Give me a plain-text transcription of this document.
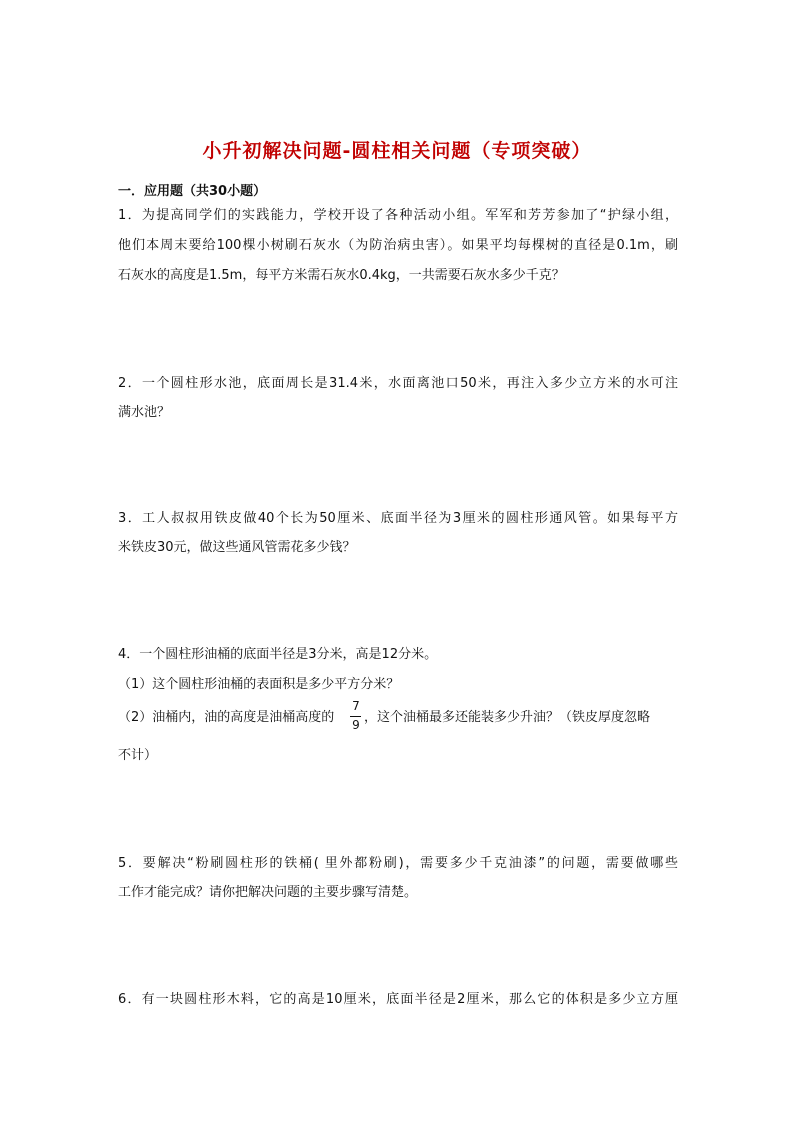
小升初解决问题-圆柱相关问题（专项突破）
一．应用题（共30小题）
1．为提高同学们的实践能力，学校开设了各种活动小组。军军和芳芳参加了“护绿小组，
他们本周末要给100棵小树刷石灰水（为防治病虫害）。如果平均每棵树的直径是0.1m，刷
石灰水的高度是1.5m，每平方米需石灰水0.4kg，一共需要石灰水多少千克？
2．一个圆柱形水池，底面周长是31.4米，水面离池口50米，再注入多少立方米的水可注
满水池？
3．工人叔叔用铁皮做40个长为50厘米、底面半径为3厘米的圆柱形通风管。如果每平方
米铁皮30元，做这些通风管需花多少钱？
4．一个圆柱形油桶的底面半径是3分米，高是12分米。
（1）这个圆柱形油桶的表面积是多少平方分米？
（2）油桶内，油的高度是油桶高度的
7
9 ，这个油桶最多还能装多少升油？（铁皮厚度忽略
不计）
5．要解决“粉刷圆柱形的铁桶( 里外都粉刷)，需要多少千克油漆”的问题，需要做哪些
工作才能完成？请你把解决问题的主要步骤写清楚。
6．有一块圆柱形木料，它的高是10厘米，底面半径是2厘米，那么它的体积是多少立方厘
